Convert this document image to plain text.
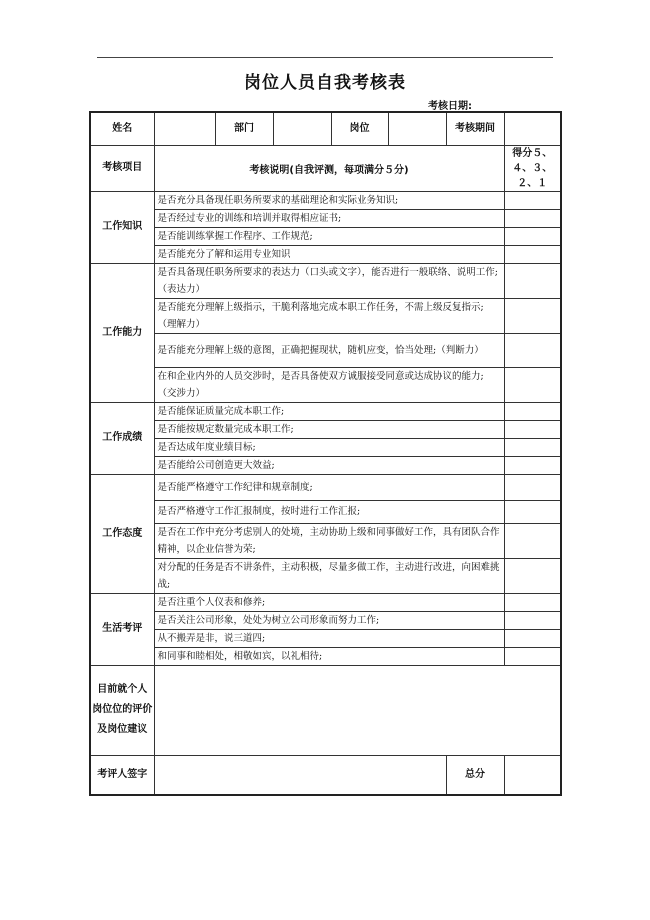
岗位人员自我考核表
考核日期:
姓名		部门		岗位		考核期间	
考核项目	考核说明(自我评测，每项满分５分)						得分５、４、３、２、１
工作知识	是否充分具备现任职务所要求的基础理论和实际业务知识;						
	是否经过专业的训练和培训并取得相应证书;						
	是否能训练掌握工作程序、工作规范;						
	是否能充分了解和运用专业知识						
工作能力	是否具备现任职务所要求的表达力（口头或文字），能否进行一般联络、说明工作;（表达力）						
	是否能充分理解上级指示，干脆利落地完成本职工作任务，不需上级反复指示;（理解力）						
	是否能充分理解上级的意图，正确把握现状，随机应变，恰当处理;（判断力）						
	在和企业内外的人员交涉时，是否具备使双方诚服接受同意或达成协议的能力;（交涉力）						
工作成绩	是否能保证质量完成本职工作;						
	是否能按规定数量完成本职工作;						
	是否达成年度业绩目标;						
	是否能给公司创造更大效益;						
工作态度	是否能严格遵守工作纪律和规章制度;						
	是否严格遵守工作汇报制度，按时进行工作汇报;						
	是否在工作中充分考虑别人的处境，主动协助上级和同事做好工作，具有团队合作精神，以企业信誉为荣;						
	对分配的任务是否不讲条件，主动积极，尽量多做工作，主动进行改进，向困难挑战;						
生活考评	是否注重个人仪表和修养;						
	是否关注公司形象，处处为树立公司形象而努力工作;						
	从不搬弄是非，说三道四;						
	和同事和睦相处，相敬如宾，以礼相待;						

目前就个人
岗位位的评价
及岗位建议							

考评人签字						总分	
